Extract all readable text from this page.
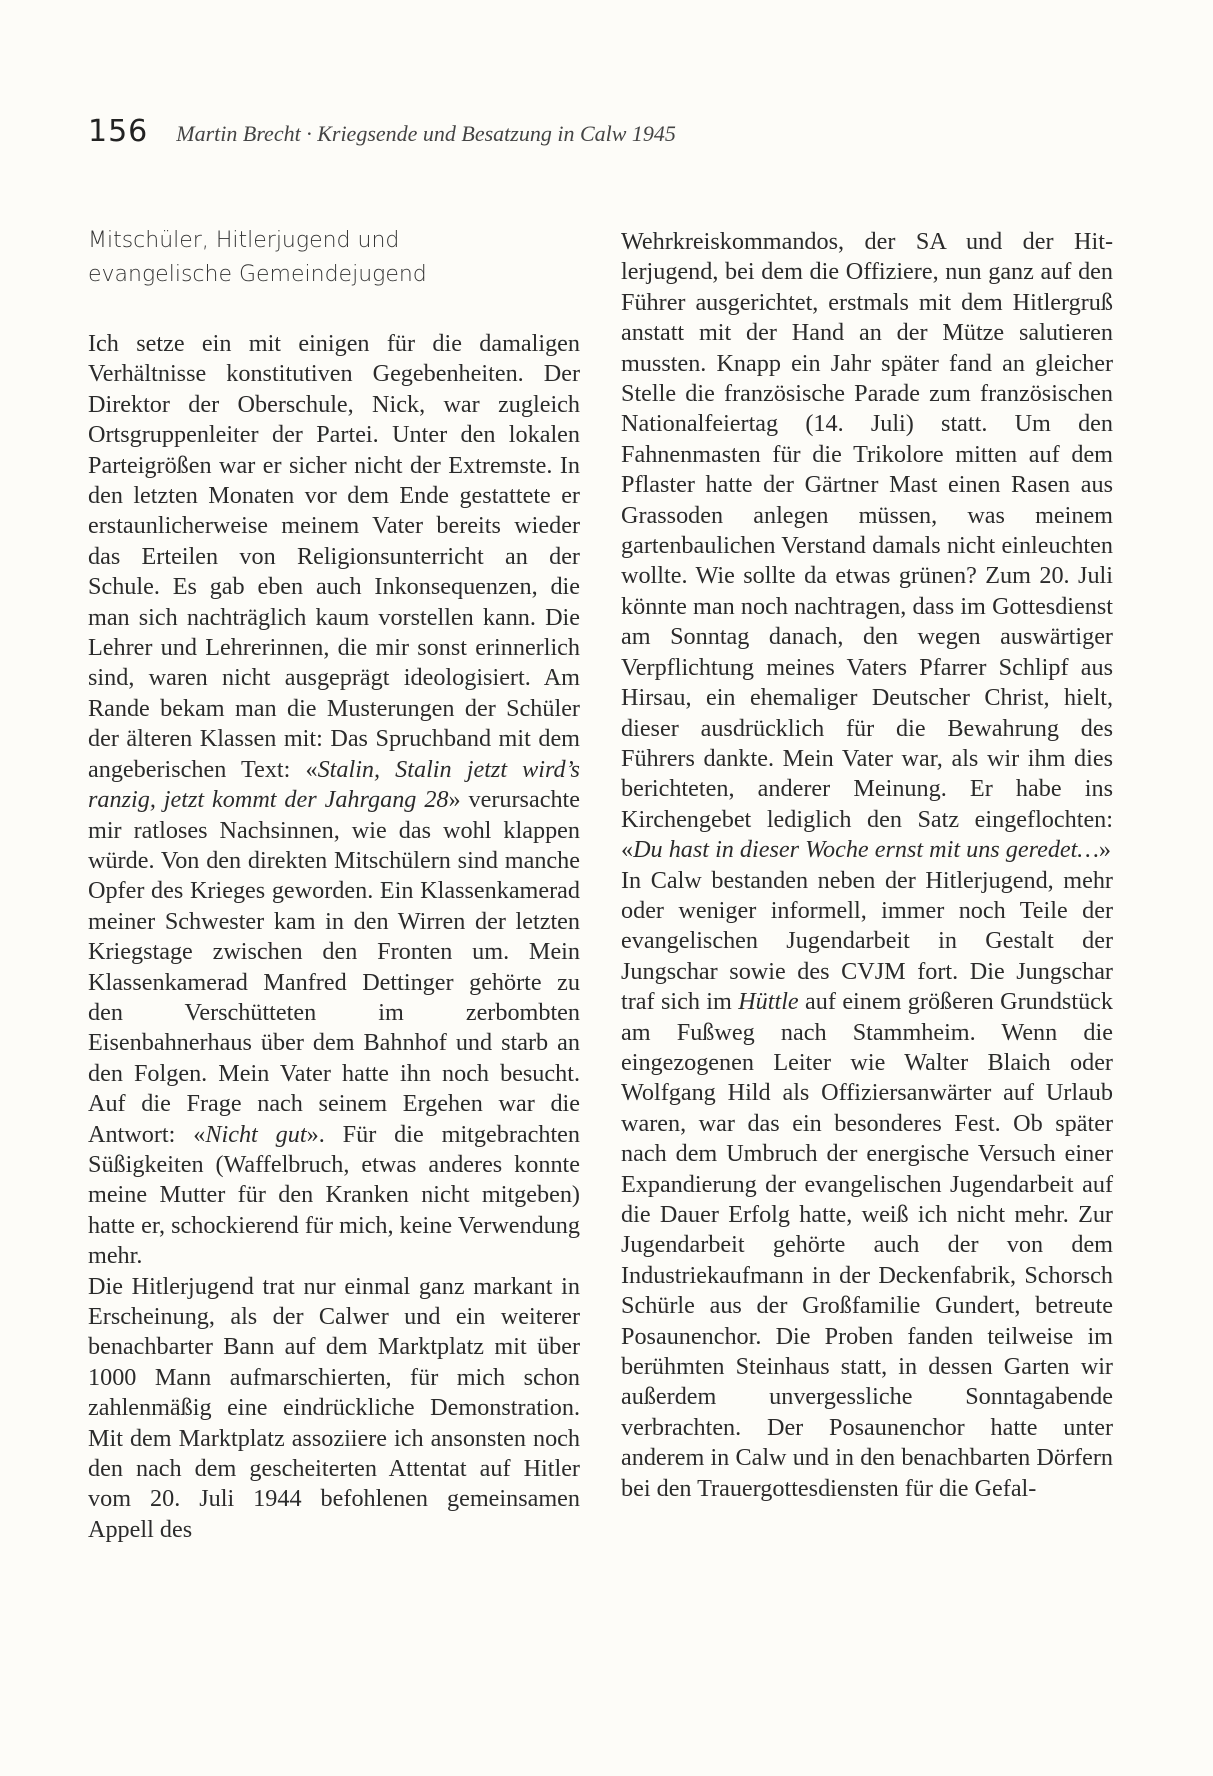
156 Martin Brecht · Kriegsende und Besatzung in Calw 1945
Mitschüler, Hitlerjugend und
evangelische Gemeindejugend

Ich setze ein mit einigen für die damaligen Verhältnisse konstitutiven Gegebenheiten. Der Direktor der Oberschule, Nick, war zugleich Ortsgruppenleiter der Partei. Unter den lokalen Parteigrößen war er sicher nicht der Extremste. In den letzten Monaten vor dem Ende gestattete er erstaunlicherweise meinem Vater bereits wieder das Erteilen von Religionsunterricht an der Schule. Es gab eben auch Inkonsequenzen, die man sich nachträglich kaum vorstellen kann. Die Lehrer und Lehrerinnen, die mir sonst erinnerlich sind, waren nicht ausgeprägt ideologisiert. Am Rande bekam man die Musterungen der Schüler der älteren Klassen mit: Das Spruchband mit dem angeberischen Text: «Stalin, Stalin jetzt wird’s ranzig, jetzt kommt der Jahrgang 28» verursachte mir ratloses Nachsinnen, wie das wohl klappen würde. Von den direkten Mitschülern sind manche Opfer des Krieges geworden. Ein Klassenkamerad meiner Schwester kam in den Wirren der letzten Kriegstage zwischen den Fronten um. Mein Klassenkamerad Manfred Dettinger gehörte zu den Verschütteten im zerbombten Eisenbahnerhaus über dem Bahnhof und starb an den Folgen. Mein Vater hatte ihn noch besucht. Auf die Frage nach seinem Ergehen war die Antwort: «Nicht gut». Für die mitgebrachten Süßigkeiten (Waffelbruch, etwas anderes konnte meine Mutter für den Kranken nicht mitgeben) hatte er, schockierend für mich, keine Verwendung mehr.

Die Hitlerjugend trat nur einmal ganz markant in Erscheinung, als der Calwer und ein weiterer benachbarter Bann auf dem Marktplatz mit über 1000 Mann aufmarschierten, für mich schon zahlenmäßig eine eindrückliche Demonstration. Mit dem Marktplatz assoziiere ich ansonsten noch den nach dem gescheiterten Attentat auf Hitler vom 20. Juli 1944 befohlenen gemeinsamen Appell des

Wehrkreiskommandos, der SA und der Hitlerjugend, bei dem die Offiziere, nun ganz auf den Führer ausgerichtet, erstmals mit dem Hitlergruß anstatt mit der Hand an der Mütze salutieren mussten. Knapp ein Jahr später fand an gleicher Stelle die französische Parade zum französischen Nationalfeiertag (14. Juli) statt. Um den Fahnenmasten für die Trikolore mitten auf dem Pflaster hatte der Gärtner Mast einen Rasen aus Grassoden anlegen müssen, was meinem gartenbaulichen Verstand damals nicht einleuchten wollte. Wie sollte da etwas grünen? Zum 20. Juli könnte man noch nachtragen, dass im Gottesdienst am Sonntag danach, den wegen auswärtiger Verpflichtung meines Vaters Pfarrer Schlipf aus Hirsau, ein ehemaliger Deutscher Christ, hielt, dieser ausdrücklich für die Bewahrung des Führers dankte. Mein Vater war, als wir ihm dies berichteten, anderer Meinung. Er habe ins Kirchengebet lediglich den Satz eingeflochten: «Du hast in dieser Woche ernst mit uns geredet…»

In Calw bestanden neben der Hitlerjugend, mehr oder weniger informell, immer noch Teile der evangelischen Jugendarbeit in Gestalt der Jungschar sowie des CVJM fort. Die Jungschar traf sich im Hüttle auf einem größeren Grundstück am Fußweg nach Stammheim. Wenn die eingezogenen Leiter wie Walter Blaich oder Wolfgang Hild als Offiziersanwärter auf Urlaub waren, war das ein besonderes Fest. Ob später nach dem Umbruch der energische Versuch einer Expandierung der evangelischen Jugendarbeit auf die Dauer Erfolg hatte, weiß ich nicht mehr. Zur Jugendarbeit gehörte auch der von dem Industriekaufmann in der Deckenfabrik, Schorsch Schürle aus der Großfamilie Gundert, betreute Posaunenchor. Die Proben fanden teilweise im berühmten Steinhaus statt, in dessen Garten wir außerdem unvergessliche Sonntagabende verbrachten. Der Posaunenchor hatte unter anderem in Calw und in den benachbarten Dörfern bei den Trauergottesdiensten für die Gefal-
